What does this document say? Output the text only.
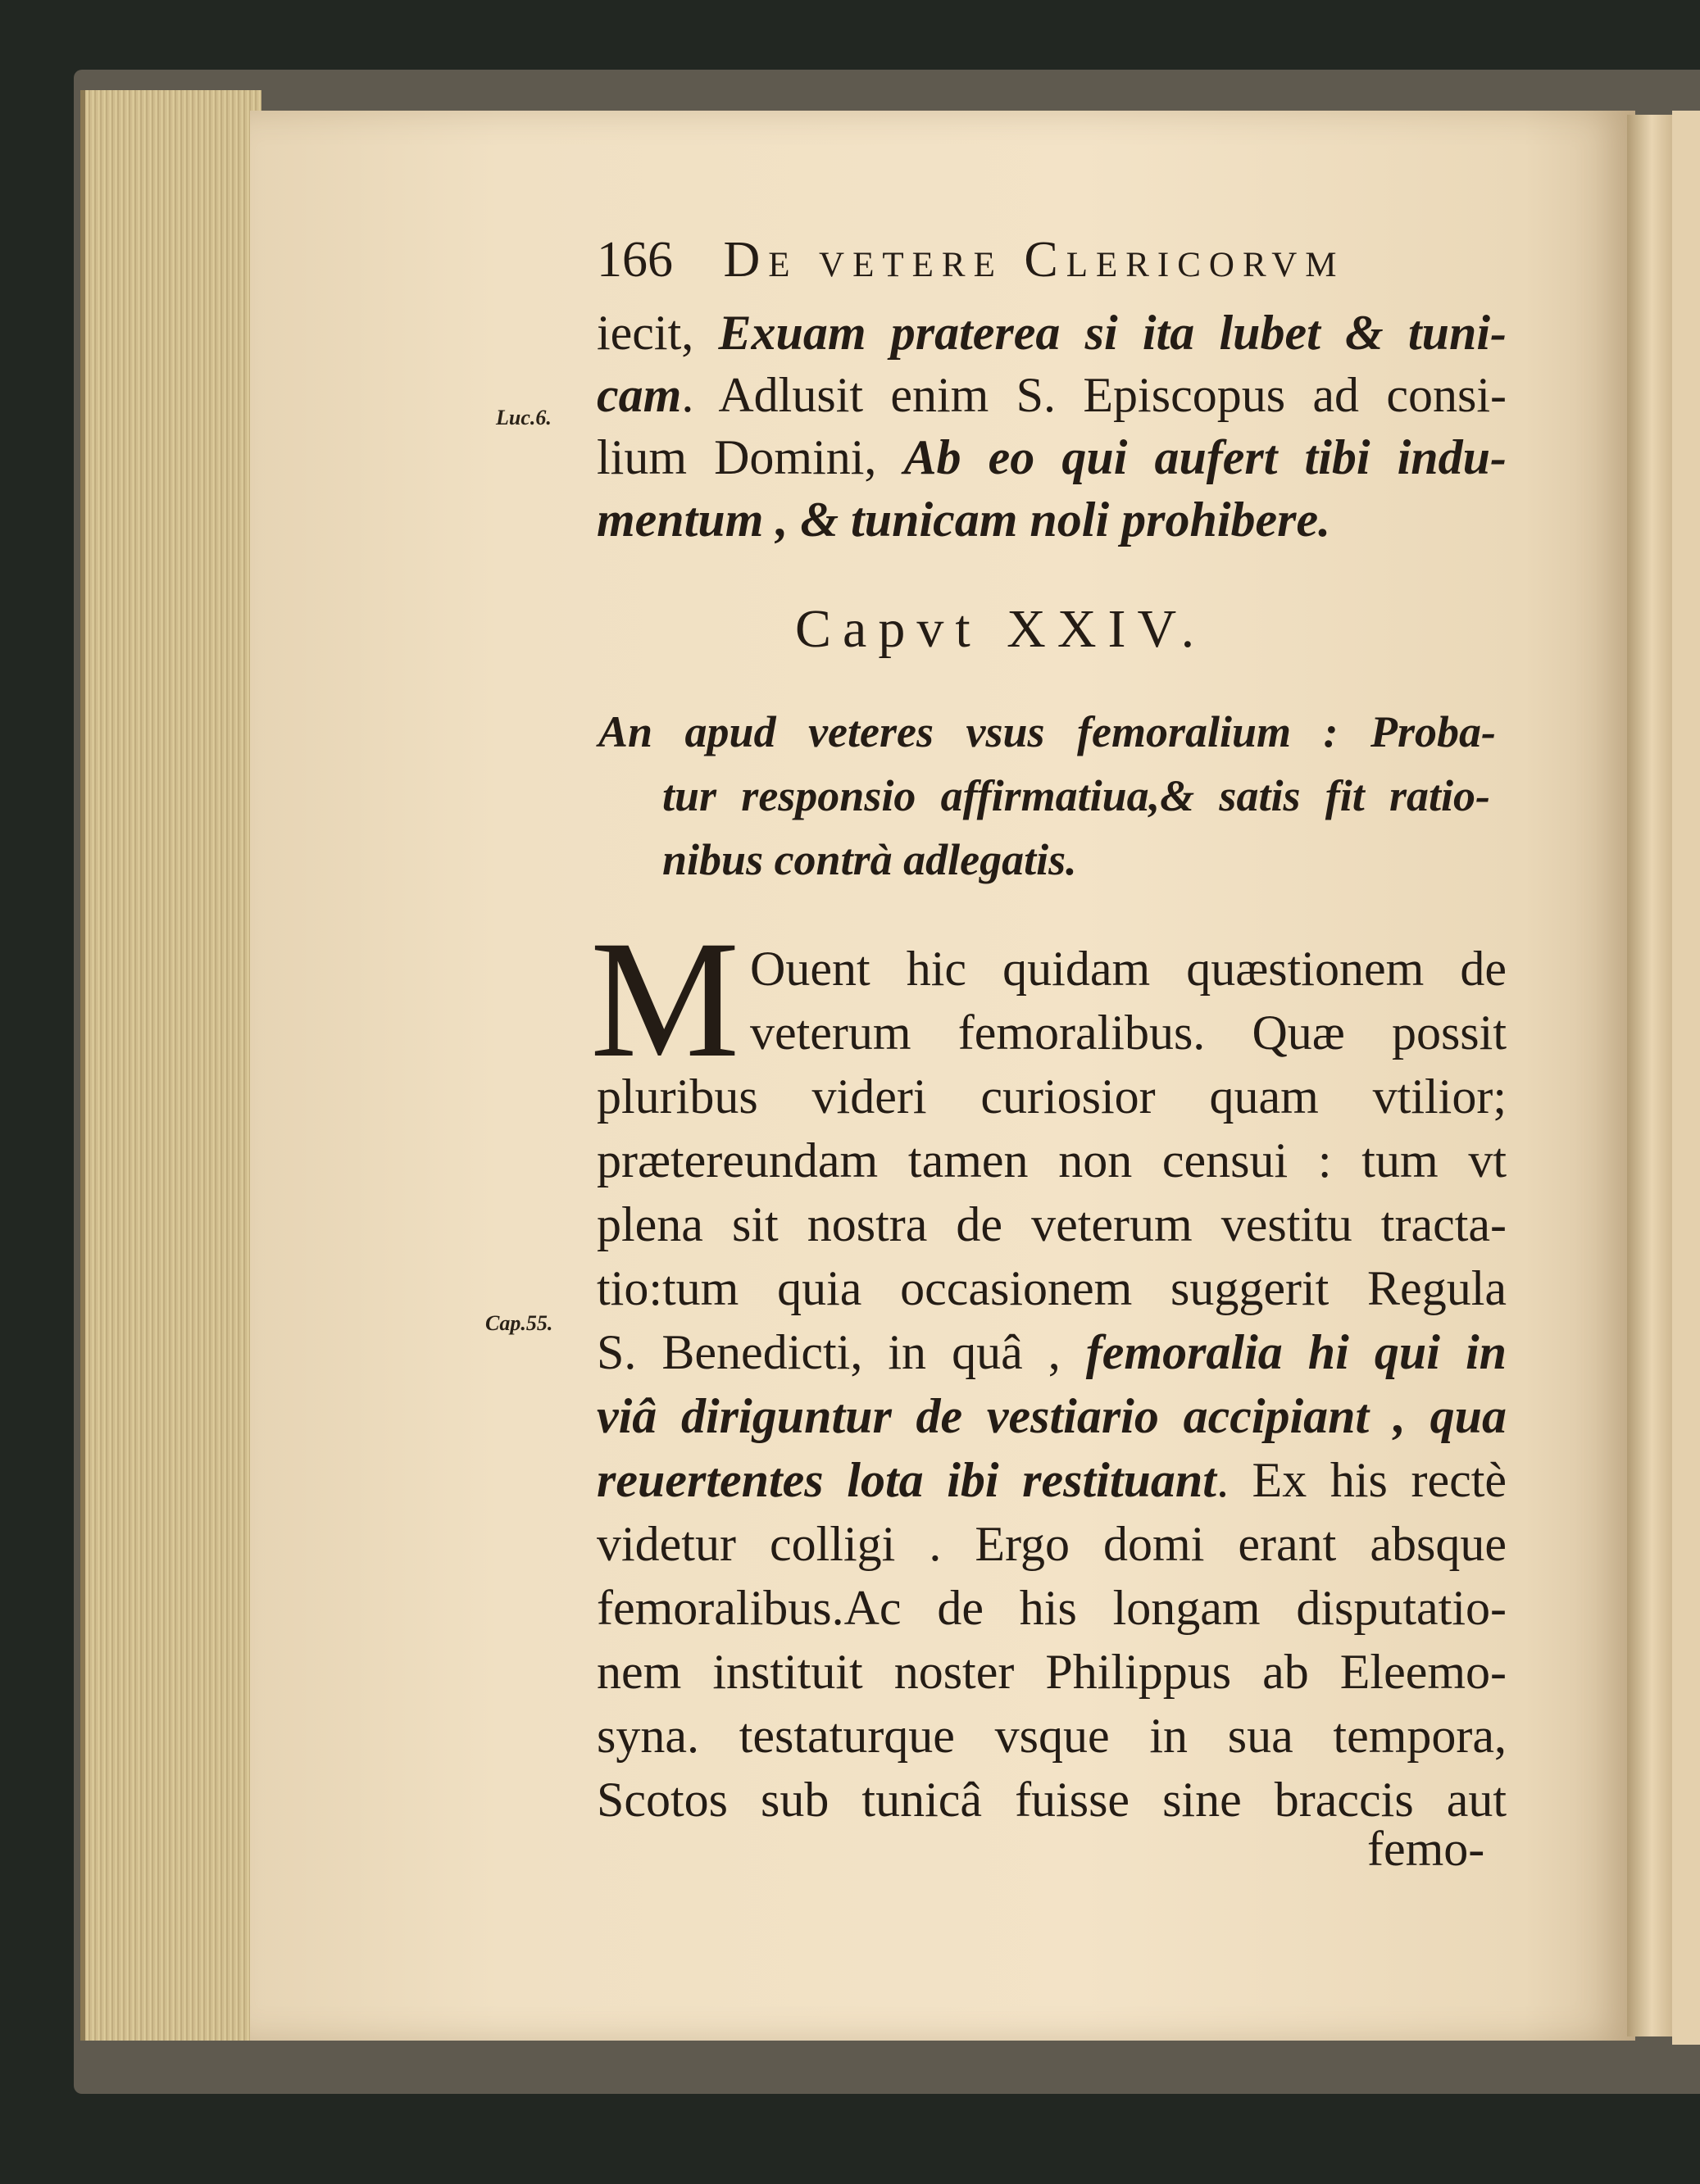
166 De vetere Clericorvm
iecit, Exuam praterea si ita lubet & tuni-
cam. Adlusit enim S. Episcopus ad consi-
lium Domini, Ab eo qui aufert tibi indu-
mentum , & tunicam noli prohibere.
Luc.6.
Capvt XXIV.
An apud veteres vsus femoralium : Proba-
tur responsio affirmatiua,& satis fit ratio-
nibus contrà adlegatis.
M Ouent hic quidam quæstionem de
veterum femoralibus. Quæ possit
pluribus videri curiosior quam vtilior;
prætereundam tamen non censui : tum vt
plena sit nostra de veterum vestitu tracta-
tio:tum quia occasionem suggerit Regula
S. Benedicti, in quâ , femoralia hi qui in
viâ diriguntur de vestiario accipiant , qua
reuertentes lota ibi restituant. Ex his rectè
videtur colligi . Ergo domi erant absque
femoralibus.Ac de his longam disputatio-
nem instituit noster Philippus ab Eleemo-
syna. testaturque vsque in sua tempora,
Scotos sub tunicâ fuisse sine braccis aut
Cap.55.
femo-
